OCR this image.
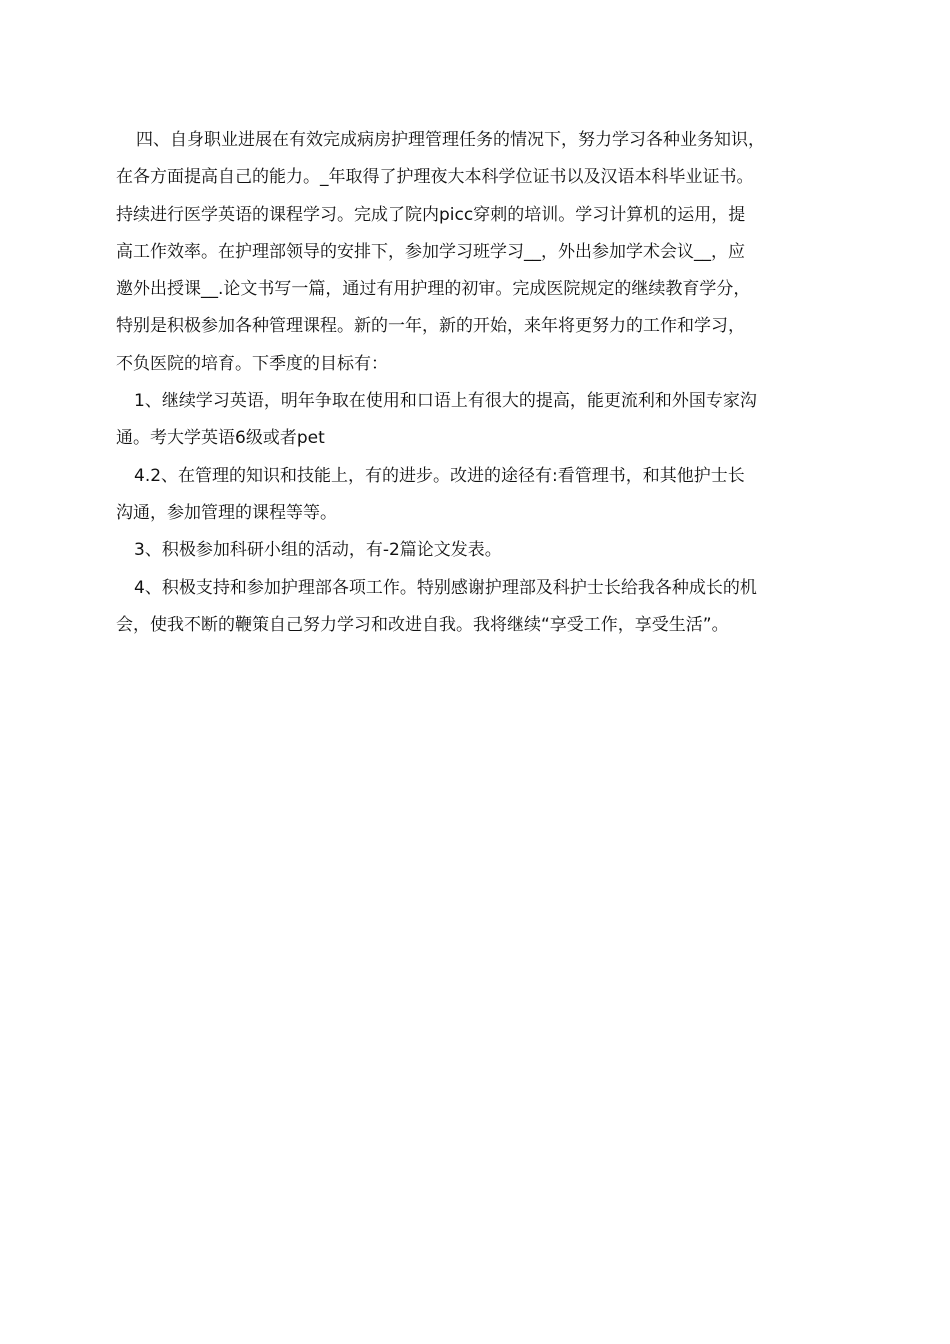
四、自身职业进展在有效完成病房护理管理任务的情况下，努力学习各种业务知识，

在各方面提高自己的能力。_年取得了护理夜大本科学位证书以及汉语本科毕业证书。

持续进行医学英语的课程学习。完成了院内picc穿刺的培训。学习计算机的运用，提

高工作效率。在护理部领导的安排下，参加学习班学习__，外出参加学术会议__，应

邀外出授课__.论文书写一篇，通过有用护理的初审。完成医院规定的继续教育学分，

特别是积极参加各种管理课程。新的一年，新的开始，来年将更努力的工作和学习，

不负医院的培育。下季度的目标有：

1、继续学习英语，明年争取在使用和口语上有很大的提高，能更流利和外国专家沟

通。考大学英语6级或者pet

4.2、在管理的知识和技能上，有的进步。改进的途径有:看管理书，和其他护士长

沟通，参加管理的课程等等。

3、积极参加科研小组的活动，有-2篇论文发表。

4、积极支持和参加护理部各项工作。特别感谢护理部及科护士长给我各种成长的机

会，使我不断的鞭策自己努力学习和改进自我。我将继续“享受工作，享受生活”。
